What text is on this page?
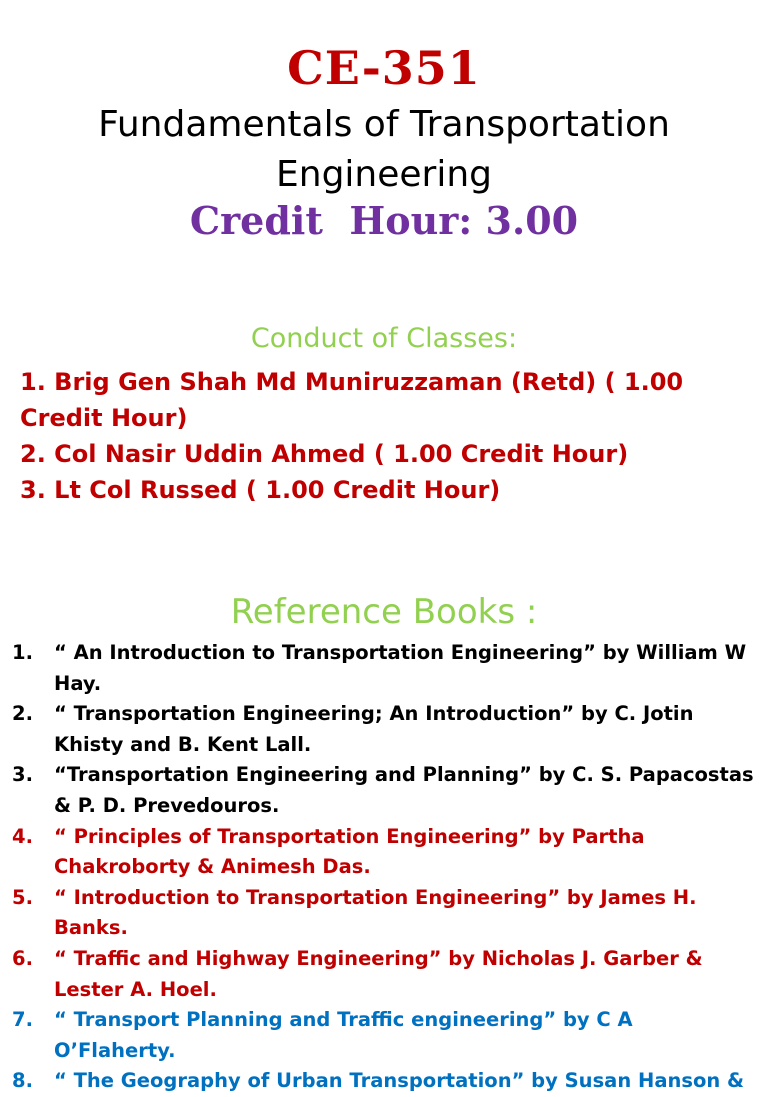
CE-351
Fundamentals of Transportation Engineering
Credit  Hour: 3.00
Conduct of Classes:
1. Brig Gen Shah Md Muniruzzaman (Retd) ( 1.00 Credit Hour)
2. Col Nasir Uddin Ahmed ( 1.00 Credit Hour)
3. Lt Col Russed ( 1.00 Credit Hour)
Reference Books :
1. “ An Introduction to Transportation Engineering” by William W Hay.
2. “ Transportation Engineering; An Introduction” by C. Jotin Khisty and B. Kent Lall.
3. “Transportation Engineering and Planning” by C. S. Papacostas & P. D. Prevedouros.
4. “ Principles of Transportation Engineering” by Partha Chakroborty & Animesh Das.
5. “ Introduction to Transportation Engineering” by James H. Banks.
6. “ Traffic and Highway Engineering” by Nicholas J. Garber & Lester A. Hoel.
7. “ Transport Planning and Traffic engineering” by C A O’Flaherty.
8. “ The Geography of Urban Transportation” by Susan Hanson &
